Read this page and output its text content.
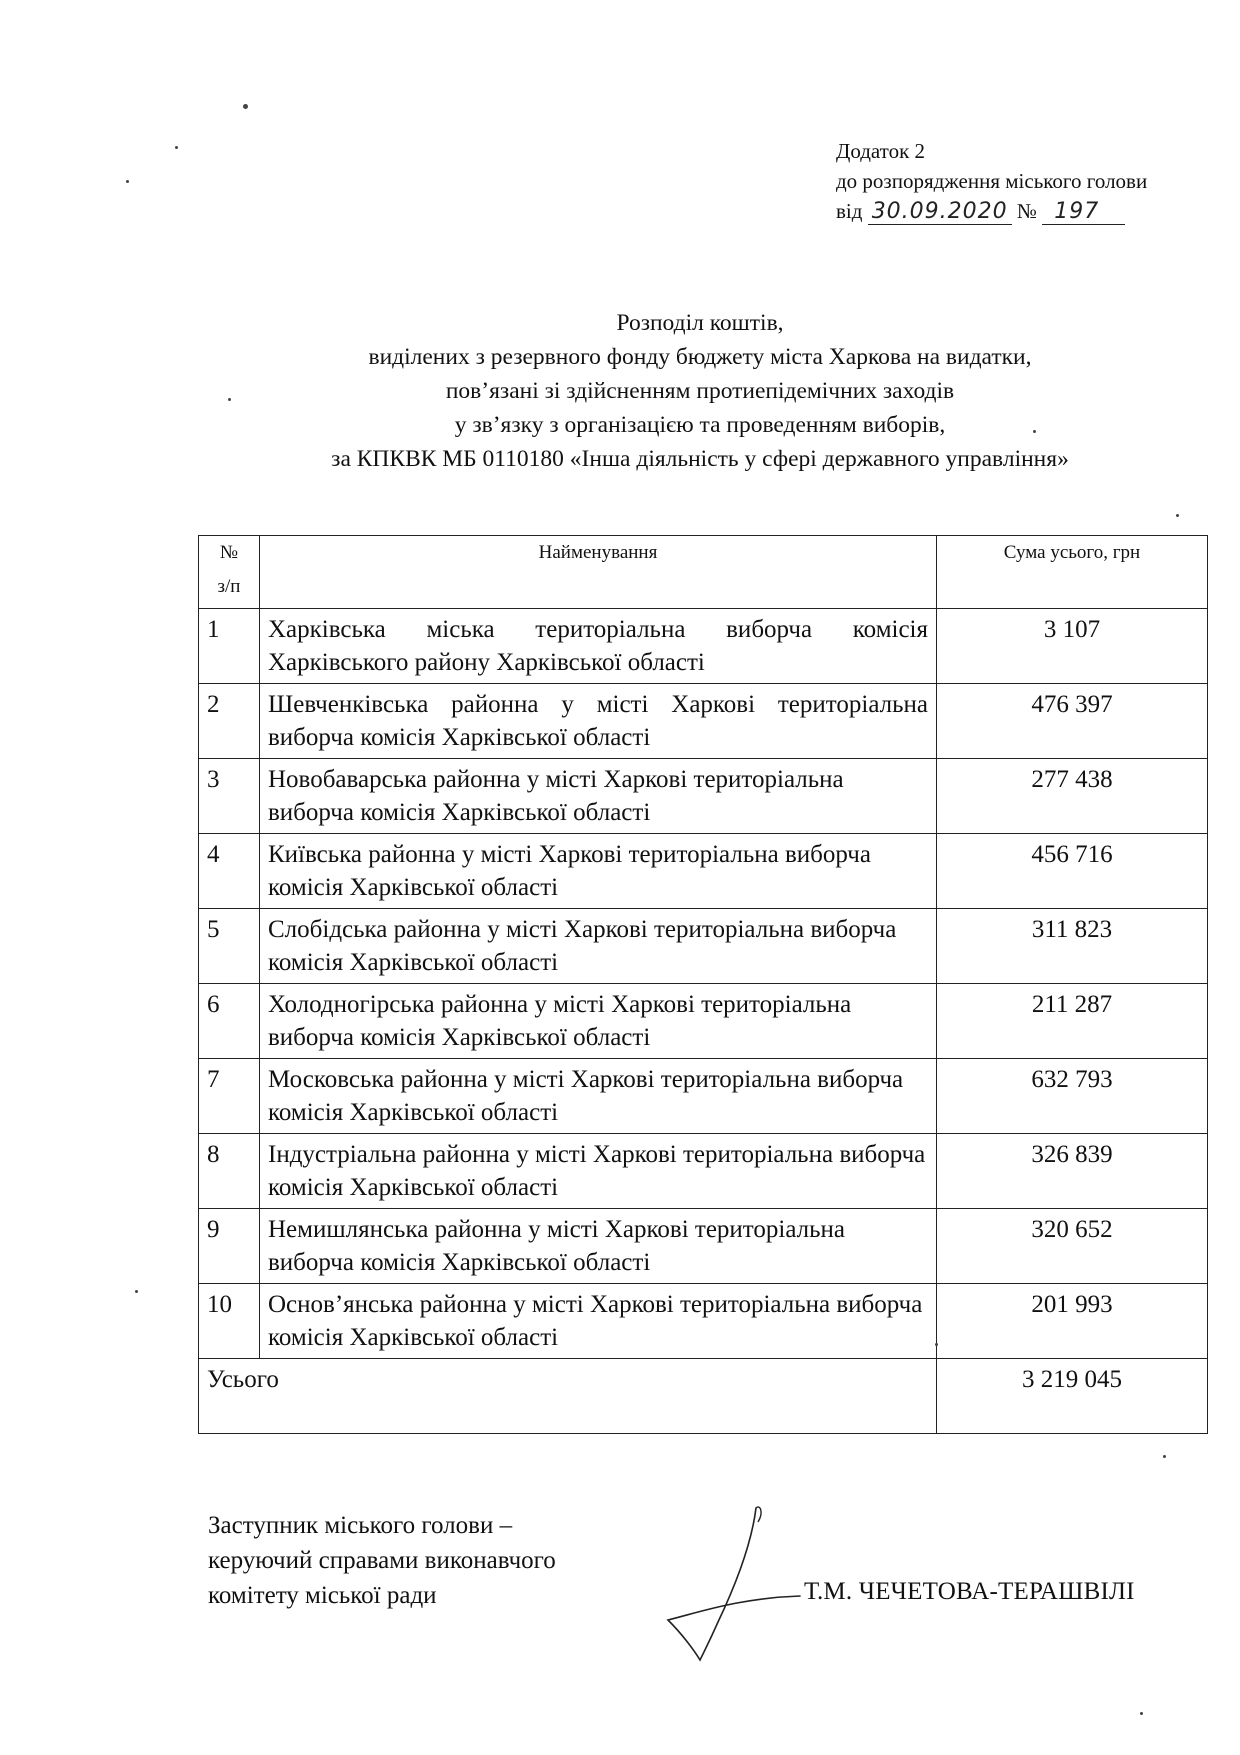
Додаток 2
до розпорядження міського голови
від 30.09.2020 № 197
Розподіл коштів,
виділених з резервного фонду бюджету міста Харкова на видатки,
пов’язані зі здійсненням протиепідемічних заходів
у зв’язку з організацією та проведенням виборів,
за КПКВК МБ 0110180 «Інша діяльність у сфері державного управління»
№
з/п	Найменування	Сума усього, грн
1	Харківська міська територіальна виборча комісія Харківського району Харківської області	3 107
2	Шевченківська районна у місті Харкові територіальна виборча комісія Харківської області	476 397
3	Новобаварська районна у місті Харкові територіальна виборча комісія Харківської області	277 438
4	Київська районна у місті Харкові територіальна виборча комісія Харківської області	456 716
5	Слобідська районна у місті Харкові територіальна виборча комісія Харківської області	311 823
6	Холодногірська районна у місті Харкові територіальна виборча комісія Харківської області	211 287
7	Московська районна у місті Харкові територіальна виборча комісія Харківської області	632 793
8	Індустріальна районна у місті Харкові територіальна виборча комісія Харківської області	326 839
9	Немишлянська районна у місті Харкові територіальна виборча комісія Харківської області	320 652
10	Основ’янська районна у місті Харкові територіальна виборча комісія Харківської області	201 993
Усього		3 219 045
Заступник міського голови –
керуючий справами виконавчого
комітету міської ради	Т.М. ЧЕЧЕТОВА-ТЕРАШВІЛІ
